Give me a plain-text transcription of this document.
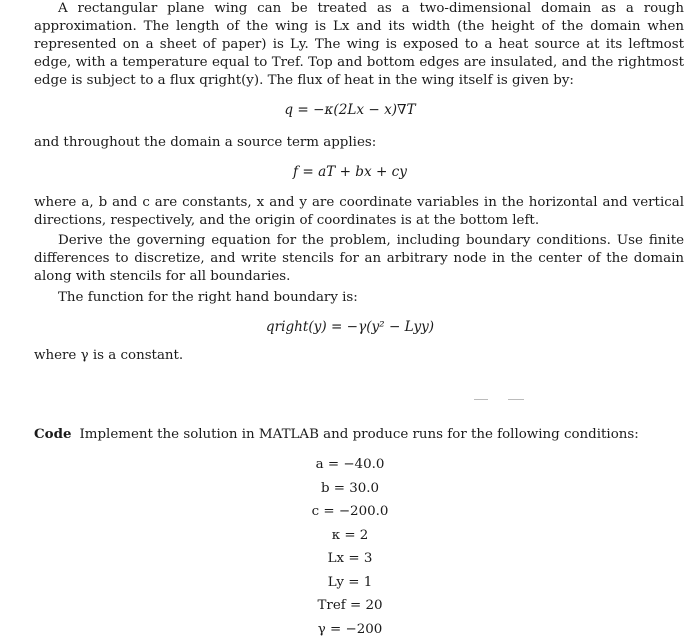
A rectangular plane wing can be treated as a two-dimensional domain as a rough approximation. The length of the wing is Lx and its width (the height of the domain when represented on a sheet of paper) is Ly. The wing is exposed to a heat source at its leftmost edge, with a temperature equal to Tref. Top and bottom edges are insulated, and the rightmost edge is subject to a flux qright(y). The flux of heat in the wing itself is given by:
q = −κ(2Lx − x)∇T
and throughout the domain a source term applies:
f = aT + bx + cy
where a, b and c are constants, x and y are coordinate variables in the horizontal and vertical directions, respectively, and the origin of coordinates is at the bottom left.
Derive the governing equation for the problem, including boundary conditions. Use finite differences to discretize, and write stencils for an arbitrary node in the center of the domain along with stencils for all boundaries.
The function for the right hand boundary is:
qright(y) = −γ(y² − Lyy)
where γ is a constant.
Code Implement the solution in MATLAB and produce runs for the following conditions:
a = −40.0
b = 30.0
c = −200.0
κ = 2
Lx = 3
Ly = 1
Tref = 20
γ = −200
